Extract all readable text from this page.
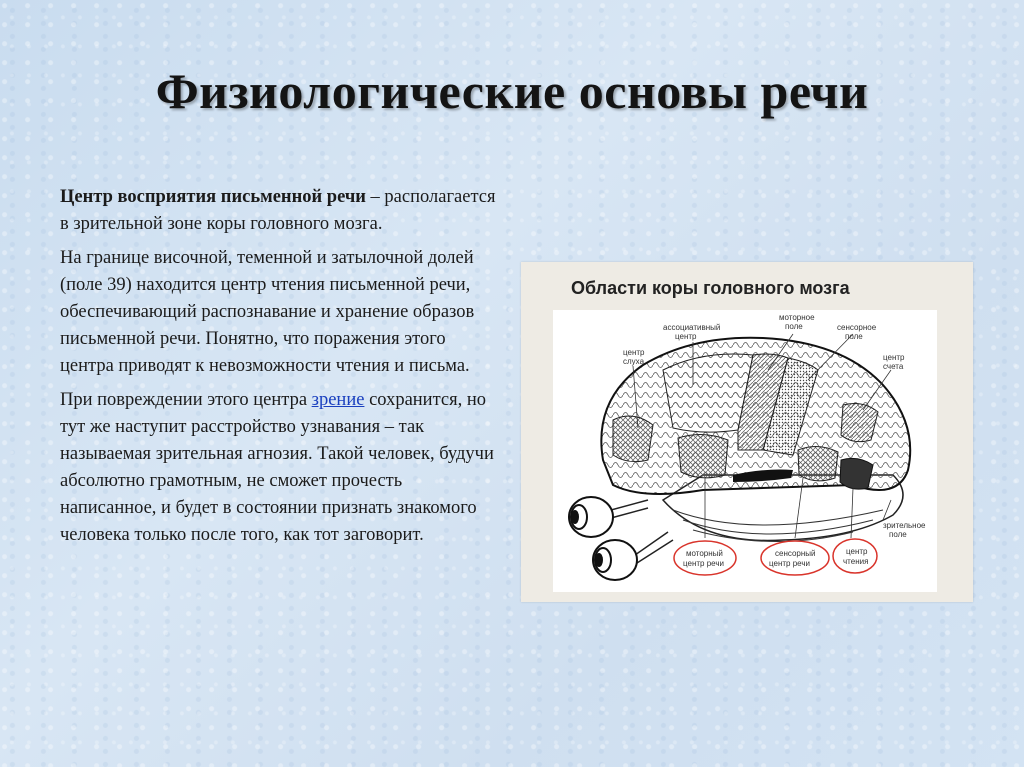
Физиологические основы речи

Центр восприятия письменной речи – располагается в зрительной зоне коры головного мозга.

На границе височной, теменной и затылочной долей (поле 39) находится центр чтения письменной речи, обеспечивающий распознавание и хранение образов письменной речи. Понятно, что поражения этого центра приводят к невозможности чтения и письма.

При повреждении этого центра зрение сохранится, но тут же наступит расстройство узнавания – так называемая зрительная агнозия. Такой человек, будучи абсолютно грамотным, не сможет прочесть написанное, и будет в состоянии признать знакомого человека только после того, как тот заговорит.

Области коры головного мозга
ассоциативный
центр
моторное
поле	сенсорное
поле
центр
слуха	центр
счета
зрительное
поле
моторный
центр речи
сенсорный
центр речи
центр
чтения
